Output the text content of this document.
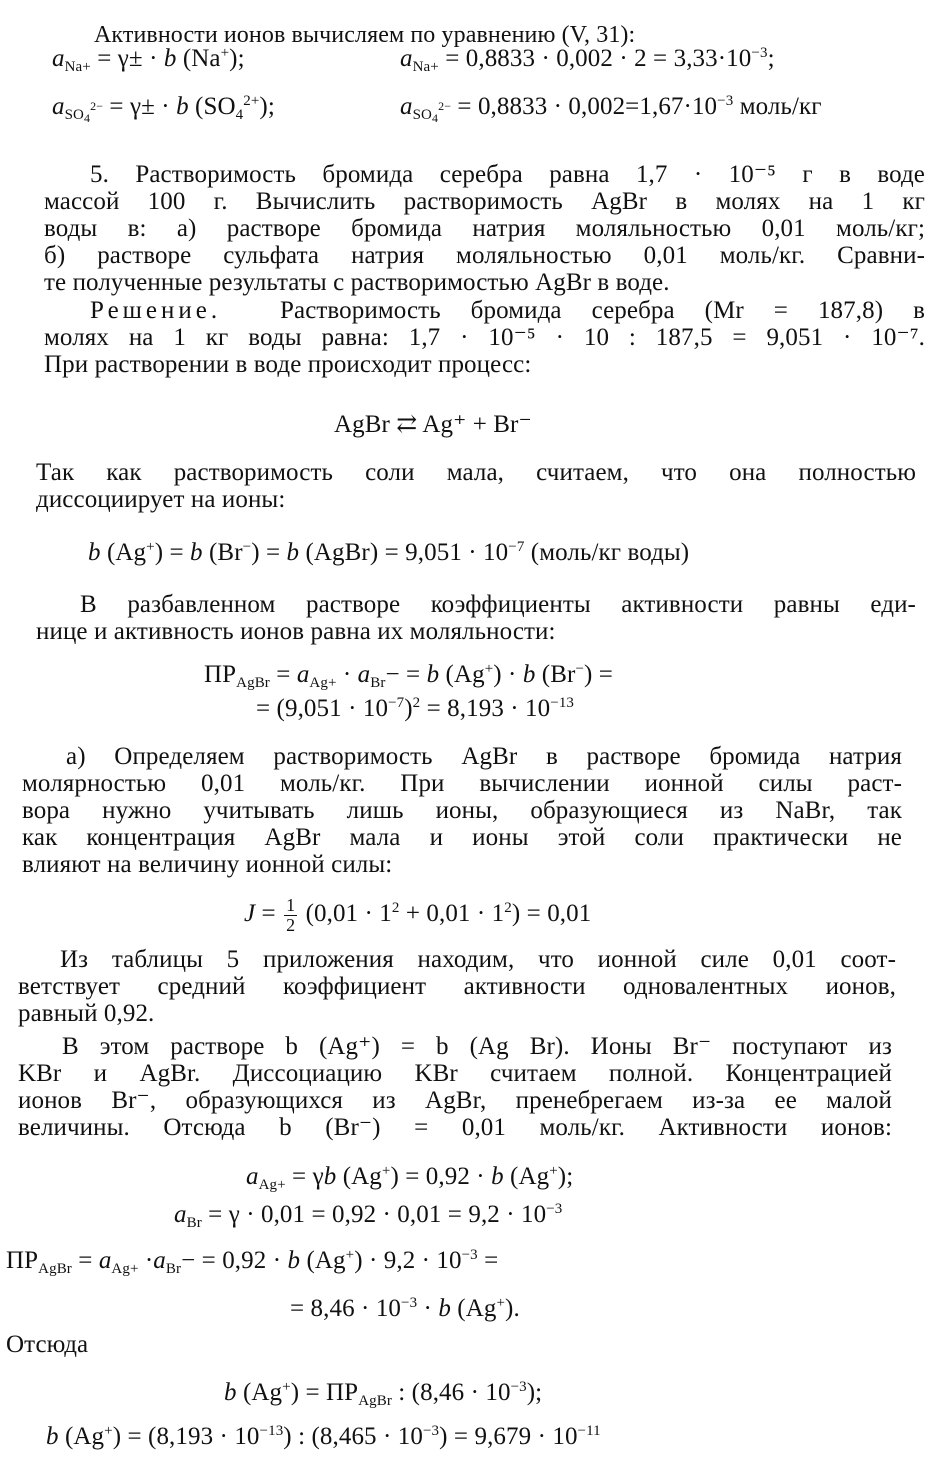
Активности ионов вычисляем по уравнению (V, 31):
$a_{Na+} = \gamma\pm \cdot b$ (Na+);	$a_{Na+} = 0,8833 \cdot 0,002 \cdot 2 = 3,33\cdot 10^{-3}$;
$a_{SO_4^{2-}} = \gamma\pm \cdot b$ $(SO_4^{2+})$;	$a_{SO_4^{2-}} = 0,8833 \cdot 0,002=1,67\cdot 10^{-3}$ моль/кг
5. Растворимость бромида серебра равна 1,7 · 10⁻⁵ г в воде
массой 100 г. Вычислить растворимость AgBr в молях на 1 кг
воды в: а) растворе бромида натрия моляльностью 0,01 моль/кг;
б) растворе сульфата натрия моляльностью 0,01 моль/кг. Сравни-
те полученные результаты с растворимостью AgBr в воде.
Решение. Растворимость бромида серебра (Mr = 187,8) в
молях на 1 кг воды равна: 1,7 · 10⁻⁵ · 10 : 187,5 = 9,051 · 10⁻⁷.
При растворении в воде происходит процесс:
AgBr ⇄ Ag⁺ + Br⁻
Так как растворимость соли мала, считаем, что она полностью
диссоциирует на ионы:
b (Ag+) = b (Br−) = b (AgBr) = $9,051 \cdot 10^{-7}$ (моль/кг воды)
В разбавленном растворе коэффициенты активности равны еди-
нице и активность ионов равна их моляльности:
$ПР_{AgBr} = a_{Ag+} \cdot a_{Br}- = b$ (Ag+) · b (Br−) =
= $(9,051 \cdot 10^{-7})^2 = 8,193 \cdot 10^{-13}$
а) Определяем растворимость AgBr в растворе бромида натрия
молярностью 0,01 моль/кг. При вычислении ионной силы раст-
вора нужно учитывать лишь ионы, образующиеся из NaBr, так
как концентрация AgBr мала и ионы этой соли практически не
влияют на величину ионной силы:
$J = \frac{1}{2} (0,01 \cdot 1^2 + 0,01 \cdot 1^2) = 0,01$
Из таблицы 5 приложения находим, что ионной силе 0,01 соот-
ветствует средний коэффициент активности одновалентных ионов,
равный 0,92.
В этом растворе b (Ag⁺) = b (Ag Br). Ионы Br⁻ поступают из
KBr и AgBr. Диссоциацию KBr считаем полной. Концентрацией
ионов Br⁻, образующихся из AgBr, пренебрегаем из-за ее малой
величины. Отсюда b (Br⁻) = 0,01 моль/кг. Активности ионов:
$a_{Ag+} = \gamma b$ (Ag+) = 0,92 · b (Ag+);
$a_{Br} = \gamma \cdot 0,01 = 0,92 \cdot 0,01 = 9,2 \cdot 10^{-3}$
$ПР_{AgBr} = a_{Ag+} \cdot a_{Br}- = 0,92 \cdot b$ $(Ag^+) \cdot 9,2 \cdot 10^{-3}$ =
= $8,46 \cdot 10^{-3} \cdot b$ (Ag+).
Отсюда
b $(Ag^+) = ПР_{AgBr}$ : $(8,46 \cdot 10^{-3})$;
b $(Ag^+) = (8,193 \cdot 10^{-13})$ : $(8,465 \cdot 10^{-3}) = 9,679 \cdot 10^{-11}$
